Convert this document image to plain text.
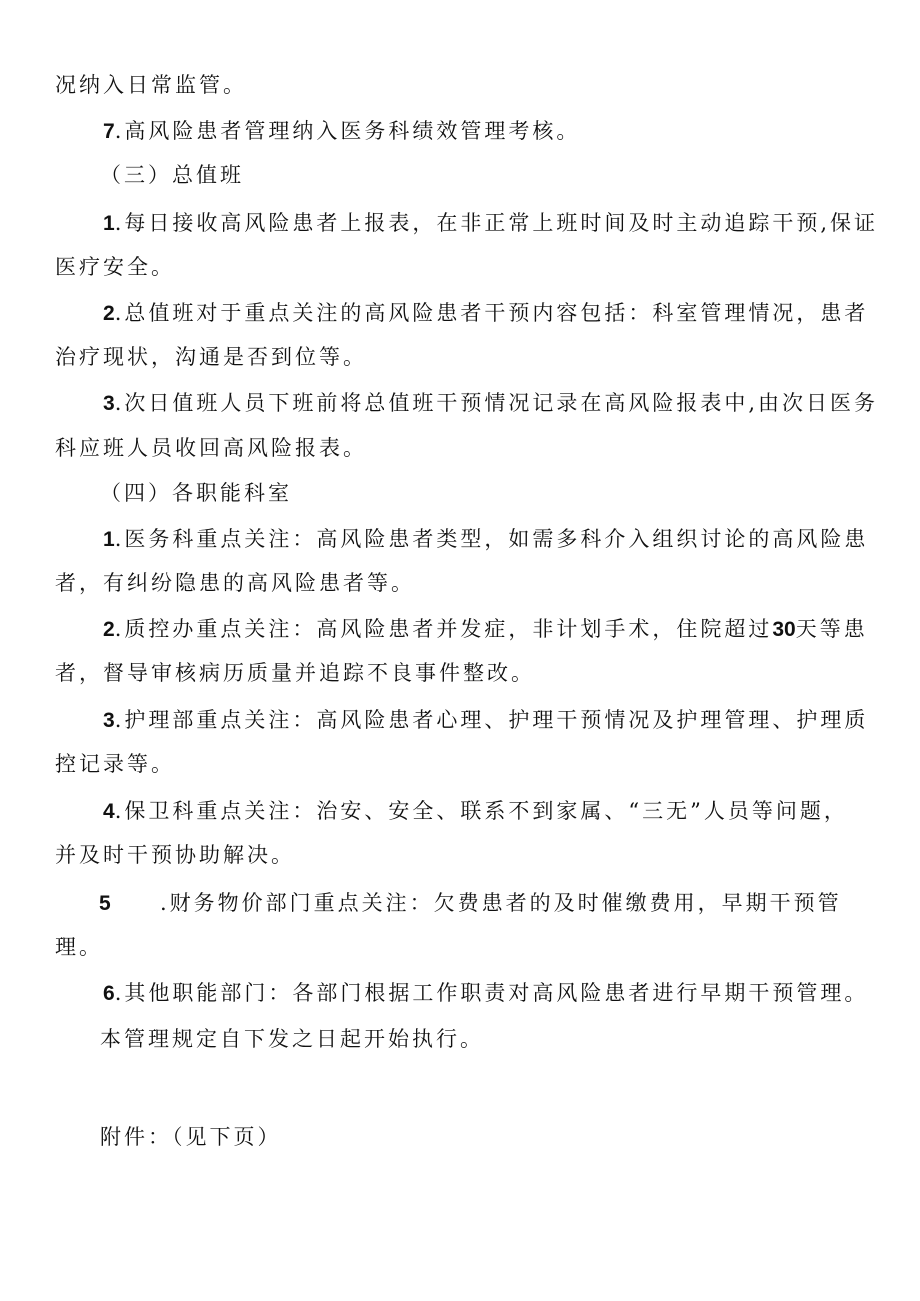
况纳入日常监管。
7.高风险患者管理纳入医务科绩效管理考核。
（三）总值班
1.每日接收高风险患者上报表，在非正常上班时间及时主动追踪干预,保证
医疗安全。
2.总值班对于重点关注的高风险患者干预内容包括：科室管理情况，患者
治疗现状，沟通是否到位等。
3.次日值班人员下班前将总值班干预情况记录在高风险报表中,由次日医务
科应班人员收回高风险报表。
（四）各职能科室
1.医务科重点关注：高风险患者类型，如需多科介入组织讨论的高风险患
者，有纠纷隐患的高风险患者等。
2.质控办重点关注：高风险患者并发症，非计划手术，住院超过30天等患
者，督导审核病历质量并追踪不良事件整改。
3.护理部重点关注：高风险患者心理、护理干预情况及护理管理、护理质
控记录等。
4.保卫科重点关注：治安、安全、联系不到家属、“三无”人员等问题，
并及时干预协助解决。
5 .财务物价部门重点关注：欠费患者的及时催缴费用，早期干预管
理。
6.其他职能部门：各部门根据工作职责对高风险患者进行早期干预管理。
本管理规定自下发之日起开始执行。
附件：（见下页）
